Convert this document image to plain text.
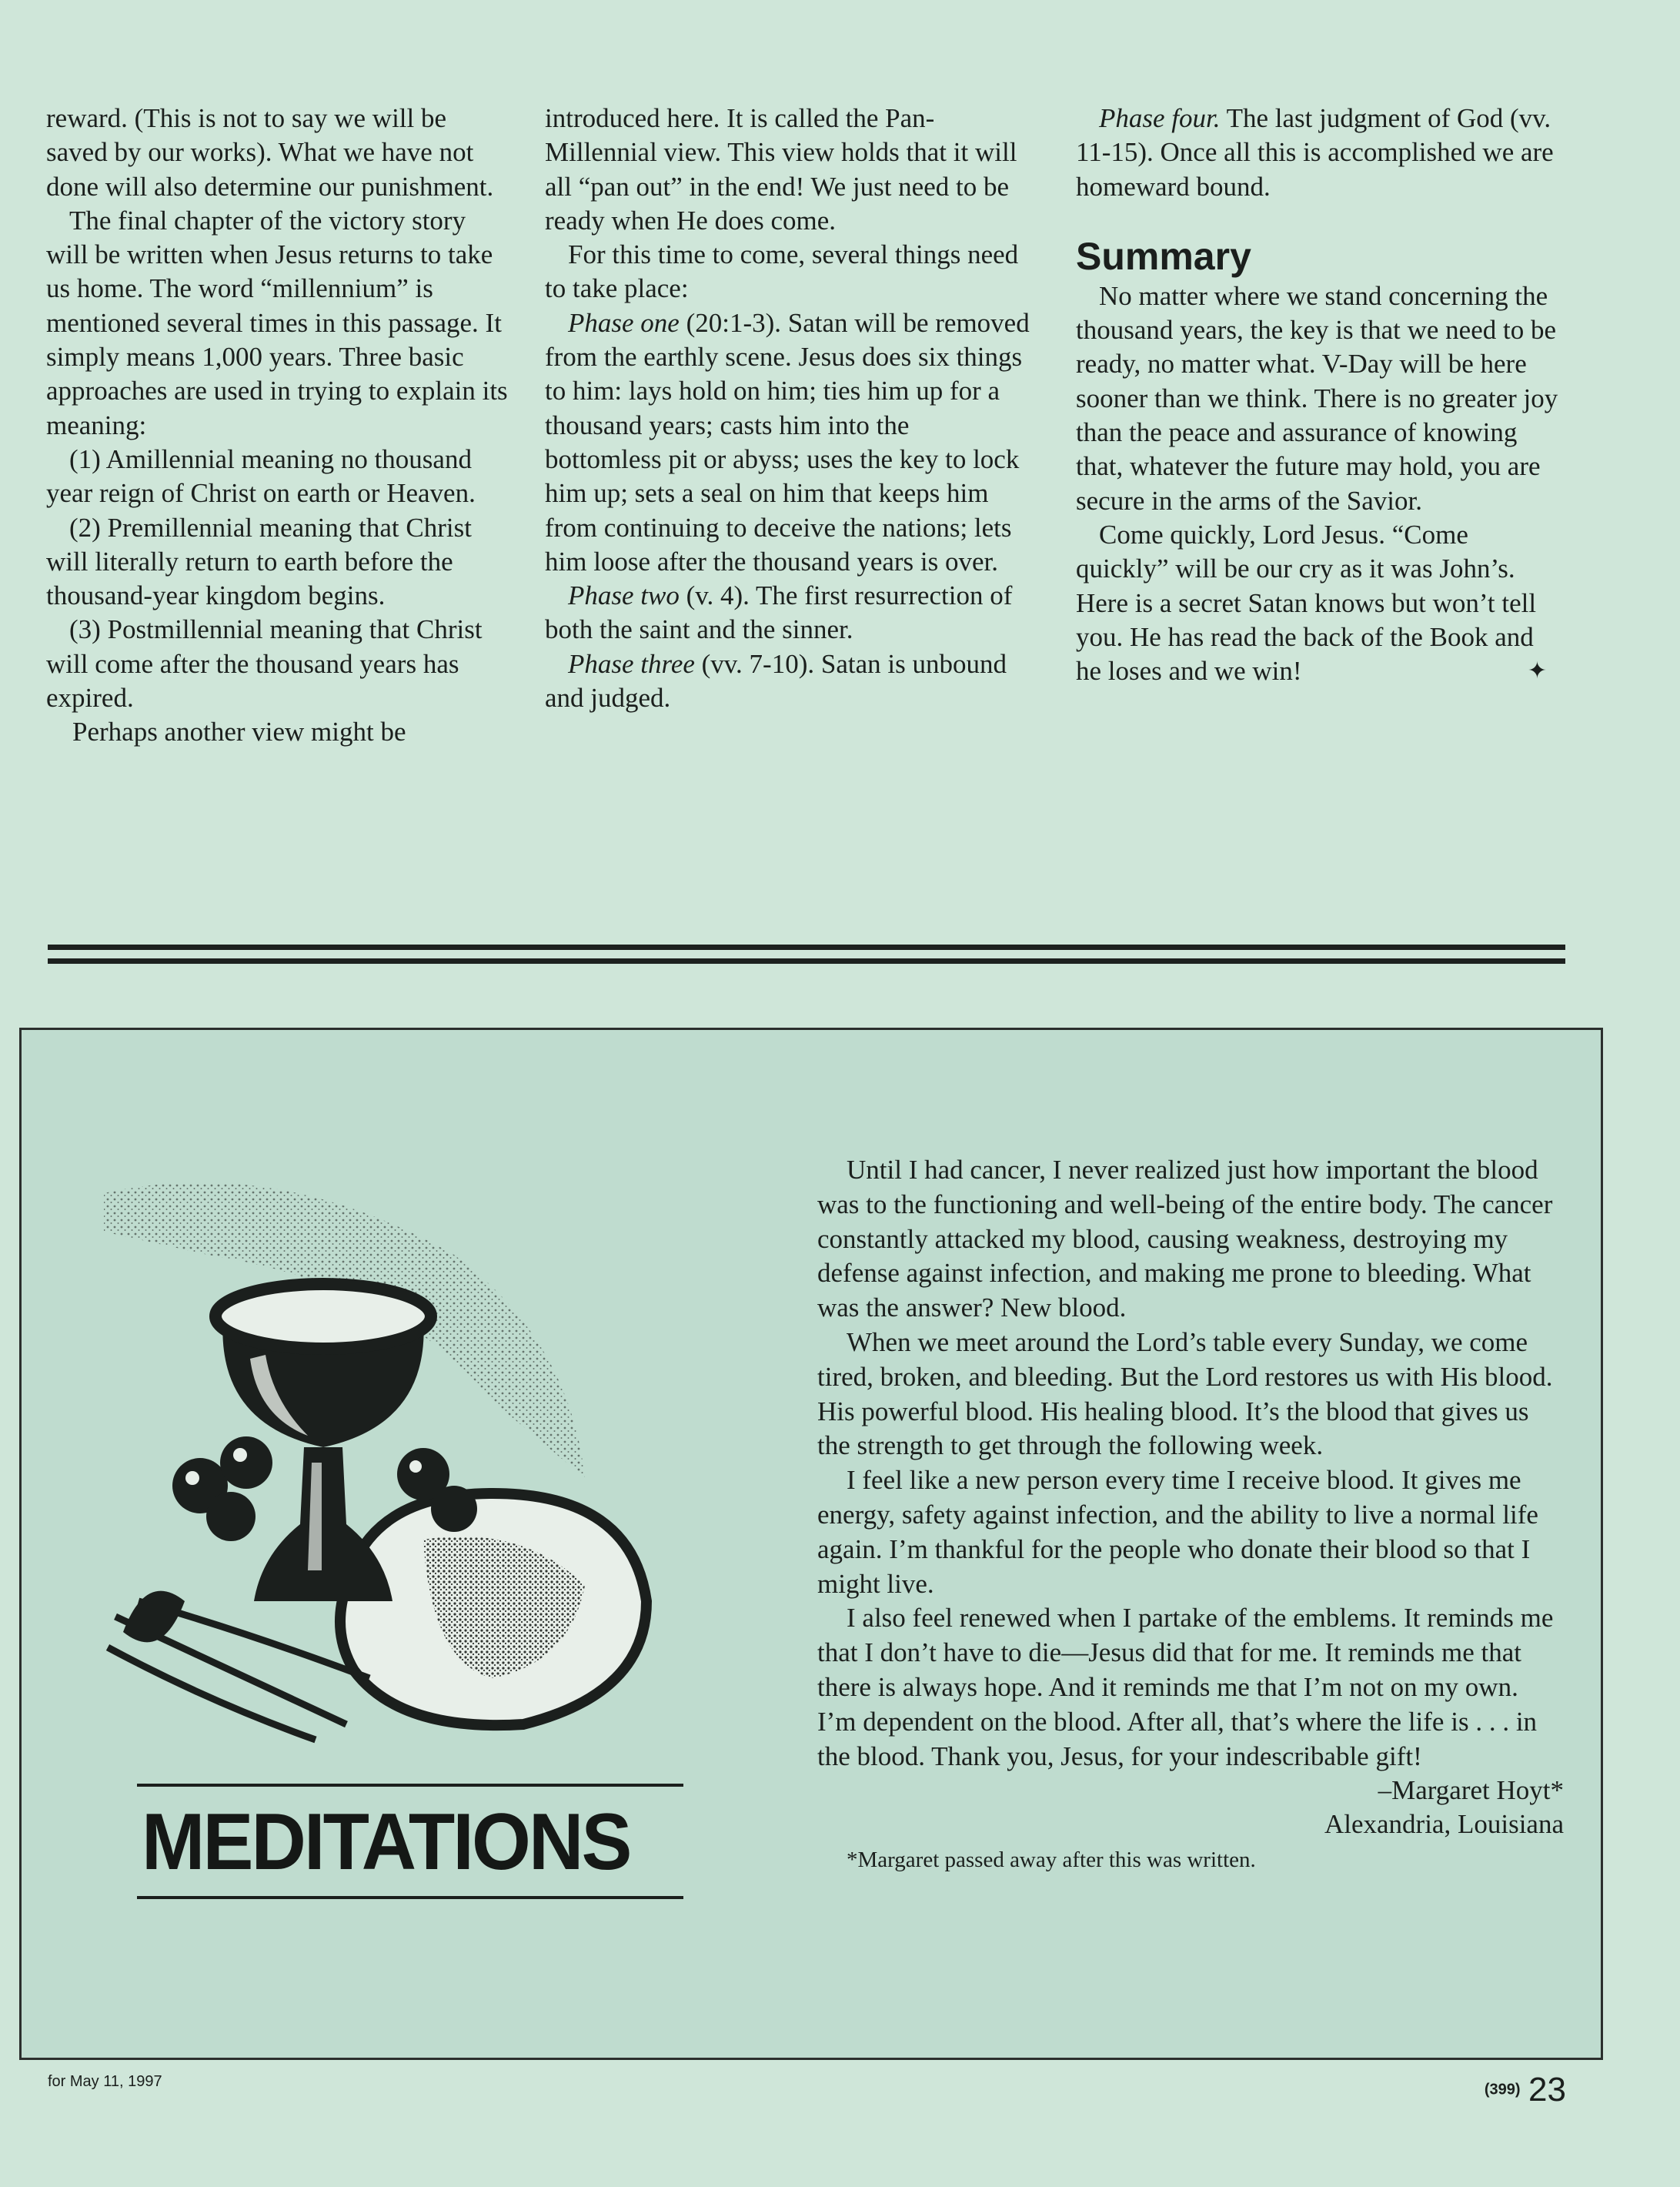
reward. (This is not to say we will be saved by our works). What we have not done will also determine our punishment.

The final chapter of the victory story will be written when Jesus returns to take us home. The word “millennium” is mentioned several times in this passage. It simply means 1,000 years. Three basic approaches are used in trying to explain its meaning:

(1) Amillennial meaning no thousand year reign of Christ on earth or Heaven.

(2) Premillennial meaning that Christ will literally return to earth before the thousand-year kingdom begins.

(3) Postmillennial meaning that Christ will come after the thousand years has expired.

Perhaps another view might be

introduced here. It is called the Pan-Millennial view. This view holds that it will all “pan out” in the end! We just need to be ready when He does come.

For this time to come, several things need to take place:

Phase one (20:1-3). Satan will be removed from the earthly scene. Jesus does six things to him: lays hold on him; ties him up for a thousand years; casts him into the bottomless pit or abyss; uses the key to lock him up; sets a seal on him that keeps him from continuing to deceive the nations; lets him loose after the thousand years is over.

Phase two (v. 4). The first resurrection of both the saint and the sinner.

Phase three (vv. 7-10). Satan is unbound and judged.

Phase four. The last judgment of God (vv. 11-15). Once all this is accomplished we are homeward bound.

Summary

No matter where we stand concerning the thousand years, the key is that we need to be ready, no matter what. V-Day will be here sooner than we think. There is no greater joy than the peace and assurance of knowing that, whatever the future may hold, you are secure in the arms of the Savior.

Come quickly, Lord Jesus. “Come quickly” will be our cry as it was John’s. Here is a secret Satan knows but won’t tell you. He has read the back of the Book and he loses and we win!	✦

MEDITATIONS

Until I had cancer, I never realized just how important the blood was to the functioning and well-being of the entire body. The cancer constantly attacked my blood, causing weakness, destroying my defense against infection, and making me prone to bleeding. What was the answer? New blood.

When we meet around the Lord’s table every Sunday, we come tired, broken, and bleeding. But the Lord restores us with His blood. His powerful blood. His healing blood. It’s the blood that gives us the strength to get through the following week.

I feel like a new person every time I receive blood. It gives me energy, safety against infection, and the ability to live a normal life again. I’m thankful for the people who donate their blood so that I might live.

I also feel renewed when I partake of the emblems. It reminds me that I don’t have to die—Jesus did that for me. It reminds me that there is always hope. And it reminds me that I’m not on my own. I’m dependent on the blood. After all, that’s where the life is . . . in the blood. Thank you, Jesus, for your indescribable gift!

–Margaret Hoyt*
Alexandria, Louisiana
*Margaret passed away after this was written.
for May 11, 1997	(399) 23
